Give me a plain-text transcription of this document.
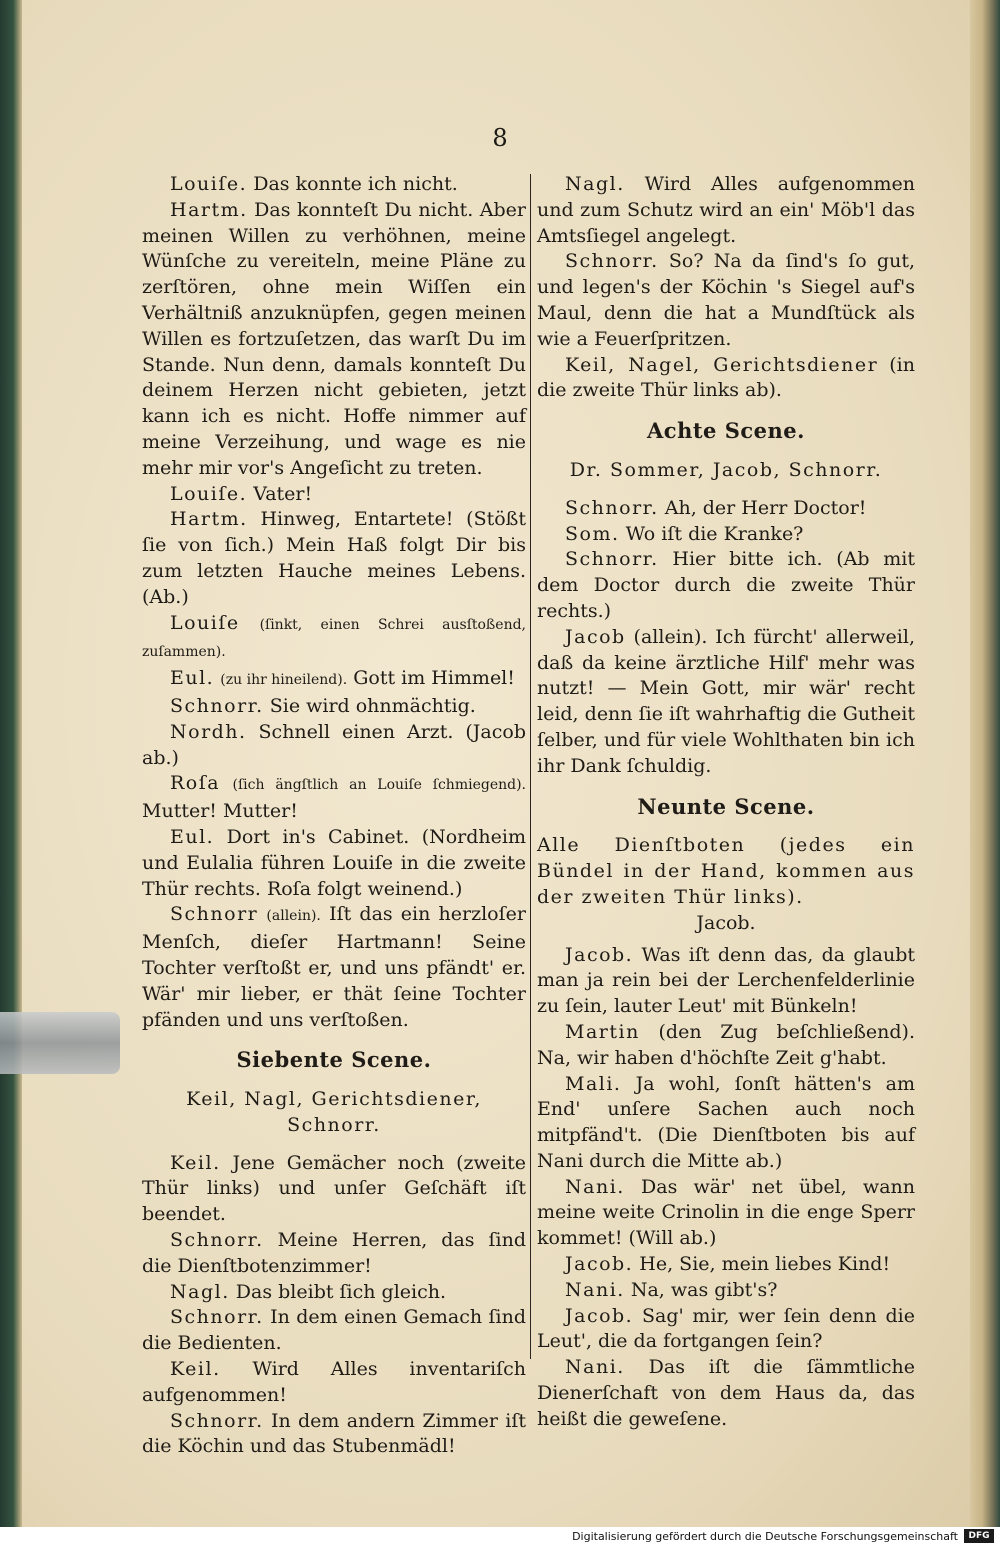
8

Louiſe. Das konnte ich nicht.

Hartm. Das konnteſt Du nicht. Aber meinen Willen zu verhöhnen, meine Wünſche zu vereiteln, meine Pläne zu zerſtören, ohne mein Wiſſen ein Verhältniß anzuknüpfen, gegen meinen Willen es fortzuſetzen, das warſt Du im Stande. Nun denn, damals konnteſt Du deinem Herzen nicht gebieten, jetzt kann ich es nicht. Hoffe nimmer auf meine Verzeihung, und wage es nie mehr mir vor's Angeſicht zu treten.

Louiſe. Vater!

Hartm. Hinweg, Entartete! (Stößt ſie von ſich.) Mein Haß folgt Dir bis zum letzten Hauche meines Lebens. (Ab.)

Louiſe (ſinkt, einen Schrei ausſtoßend, zuſammen).

Eul. (zu ihr hineilend). Gott im Himmel!

Schnorr. Sie wird ohnmächtig.

Nordh. Schnell einen Arzt. (Jacob ab.)

Roſa (ſich ängſtlich an Louiſe ſchmiegend). Mutter! Mutter!

Eul. Dort in's Cabinet. (Nordheim und Eulalia führen Louiſe in die zweite Thür rechts. Roſa folgt weinend.)

Schnorr (allein). Iſt das ein herzloſer Menſch, dieſer Hartmann! Seine Tochter verſtoßt er, und uns pfändt' er. Wär' mir lieber, er thät ſeine Tochter pfänden und uns verſtoßen.

Siebente Scene.

Keil, Nagl, Gerichtsdiener, Schnorr.

Keil. Jene Gemächer noch (zweite Thür links) und unſer Geſchäft iſt beendet.

Schnorr. Meine Herren, das ſind die Dienſtbotenzimmer!

Nagl. Das bleibt ſich gleich.

Schnorr. In dem einen Gemach ſind die Bedienten.

Keil. Wird Alles inventariſch aufgenommen!

Schnorr. In dem andern Zimmer iſt die Köchin und das Stubenmädl!

Nagl. Wird Alles aufgenommen und zum Schutz wird an ein' Möb'l das Amtsſiegel angelegt.

Schnorr. So? Na da ſind's ſo gut, und legen's der Köchin 's Siegel auf's Maul, denn die hat a Mundſtück als wie a Feuerſpritzen.

Keil, Nagel, Gerichtsdiener (in die zweite Thür links ab).

Achte Scene.

Dr. Sommer, Jacob, Schnorr.

Schnorr. Ah, der Herr Doctor!

Som. Wo iſt die Kranke?

Schnorr. Hier bitte ich. (Ab mit dem Doctor durch die zweite Thür rechts.)

Jacob (allein). Ich fürcht' allerweil, daß da keine ärztliche Hilf' mehr was nutzt! — Mein Gott, mir wär' recht leid, denn ſie iſt wahrhaftig die Gutheit ſelber, und für viele Wohlthaten bin ich ihr Dank ſchuldig.

Neunte Scene.

Alle Dienſtboten (jedes ein Bündel in der Hand, kommen aus der zweiten Thür links).

Jacob.

Jacob. Was iſt denn das, da glaubt man ja rein bei der Lerchenfelderlinie zu ſein, lauter Leut' mit Bünkeln!

Martin (den Zug beſchließend). Na, wir haben d'höchſte Zeit g'habt.

Mali. Ja wohl, ſonſt hätten's am End' unſere Sachen auch noch mitpfänd't. (Die Dienſtboten bis auf Nani durch die Mitte ab.)

Nani. Das wär' net übel, wann meine weite Crinolin in die enge Sperr kommet! (Will ab.)

Jacob. He, Sie, mein liebes Kind!

Nani. Na, was gibt's?

Jacob. Sag' mir, wer ſein denn die Leut', die da fortgangen ſein?

Nani. Das iſt die ſämmtliche Dienerſchaft von dem Haus da, das heißt die geweſene.

Digitalisierung gefördert durch die Deutsche Forschungsgemeinschaft	DFG
